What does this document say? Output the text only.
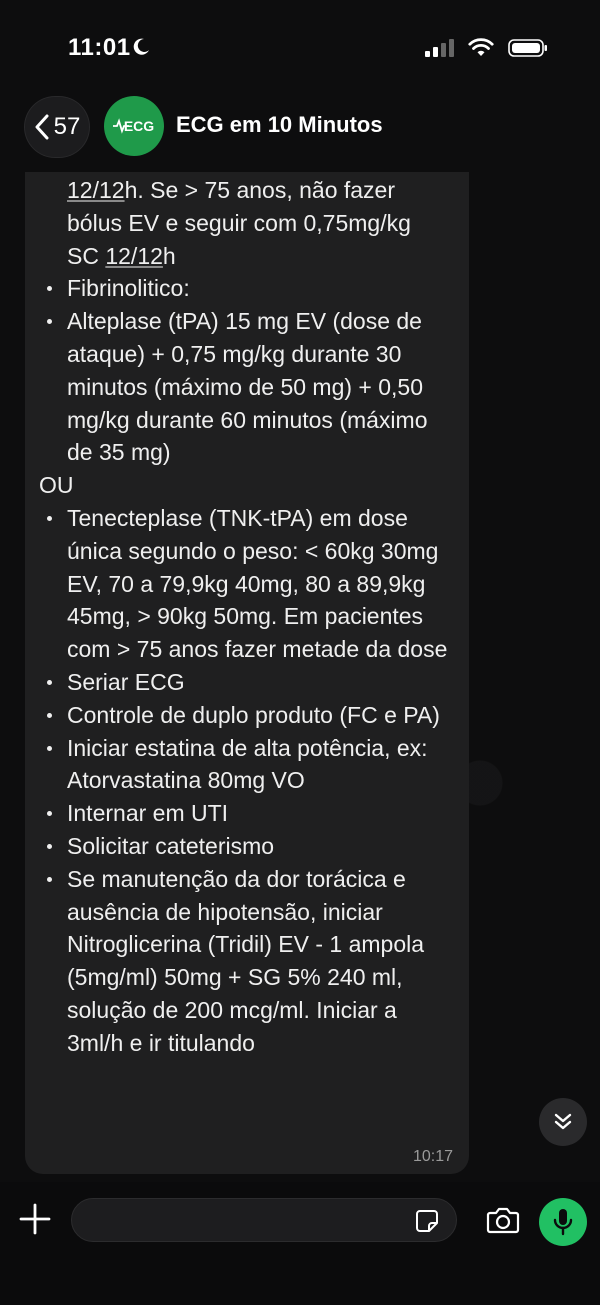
11:01
57	ECG ECG em 10 Minutos

12/12h. Se > 75 anos, não fazer

bólus EV e seguir com 0,75mg/kg

SC 12/12h

Fibrinolitico:
Alteplase (tPA) 15 mg EV (dose de ataque) + 0,75 mg/kg durante 30 minutos (máximo de 50 mg) + 0,50 mg/kg durante 60 minutos (máximo de 35 mg)

OU

Tenecteplase (TNK-tPA) em dose única segundo o peso: < 60kg 30mg EV, 70 a 79,9kg 40mg, 80 a 89,9kg 45mg, > 90kg 50mg. Em pacientes com > 75 anos fazer metade da dose
Seriar ECG
Controle de duplo produto (FC e PA)
Iniciar estatina de alta potência, ex: Atorvastatina 80mg VO
Internar em UTI
Solicitar cateterismo
Se manutenção da dor torácica e ausência de hipotensão, iniciar Nitroglicerina (Tridil) EV - 1 ampola (5mg/ml) 50mg + SG 5% 240 ml, solução de 200 mcg/ml. Iniciar a 3ml/h e ir titulando
10:17
